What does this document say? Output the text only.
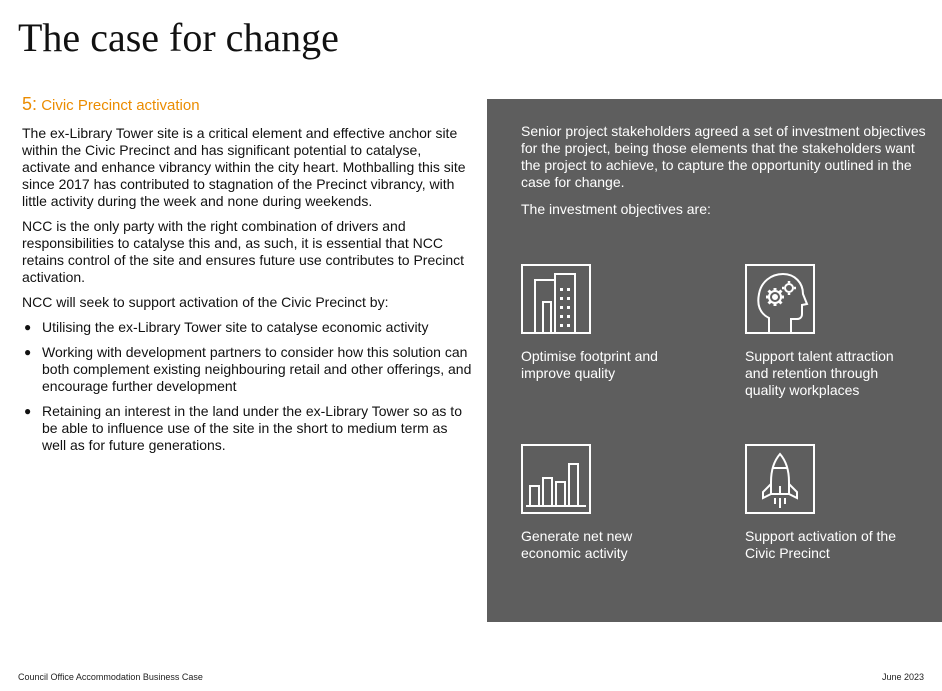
The case for change
5: Civic Precinct activation

The ex-Library Tower site is a critical element and effective anchor site within the Civic Precinct and has significant potential to catalyse, activate and enhance vibrancy within the city heart. Mothballing this site since 2017 has contributed to stagnation of the Precinct vibrancy, with little activity during the week and none during weekends.

NCC is the only party with the right combination of drivers and responsibilities to catalyse this and, as such, it is essential that NCC retains control of the site and ensures future use contributes to Precinct activation.

NCC will seek to support activation of the Civic Precinct by:

● Utilising the ex-Library Tower site to catalyse economic activity
● Working with development partners to consider how this solution can both complement existing neighbouring retail and other offerings, and encourage further development
● Retaining an interest in the land under the ex-Library Tower so as to be able to influence use of the site in the short to medium term as well as for future generations.

Senior project stakeholders agreed a set of investment objectives for the project, being those elements that the stakeholders want the project to achieve, to capture the opportunity outlined in the case for change.

The investment objectives are:

Optimise footprint and improve quality
Support talent attraction and retention through quality workplaces
Generate net new economic activity
Support activation of the Civic Precinct
Council Office Accommodation Business Case	June 2023
